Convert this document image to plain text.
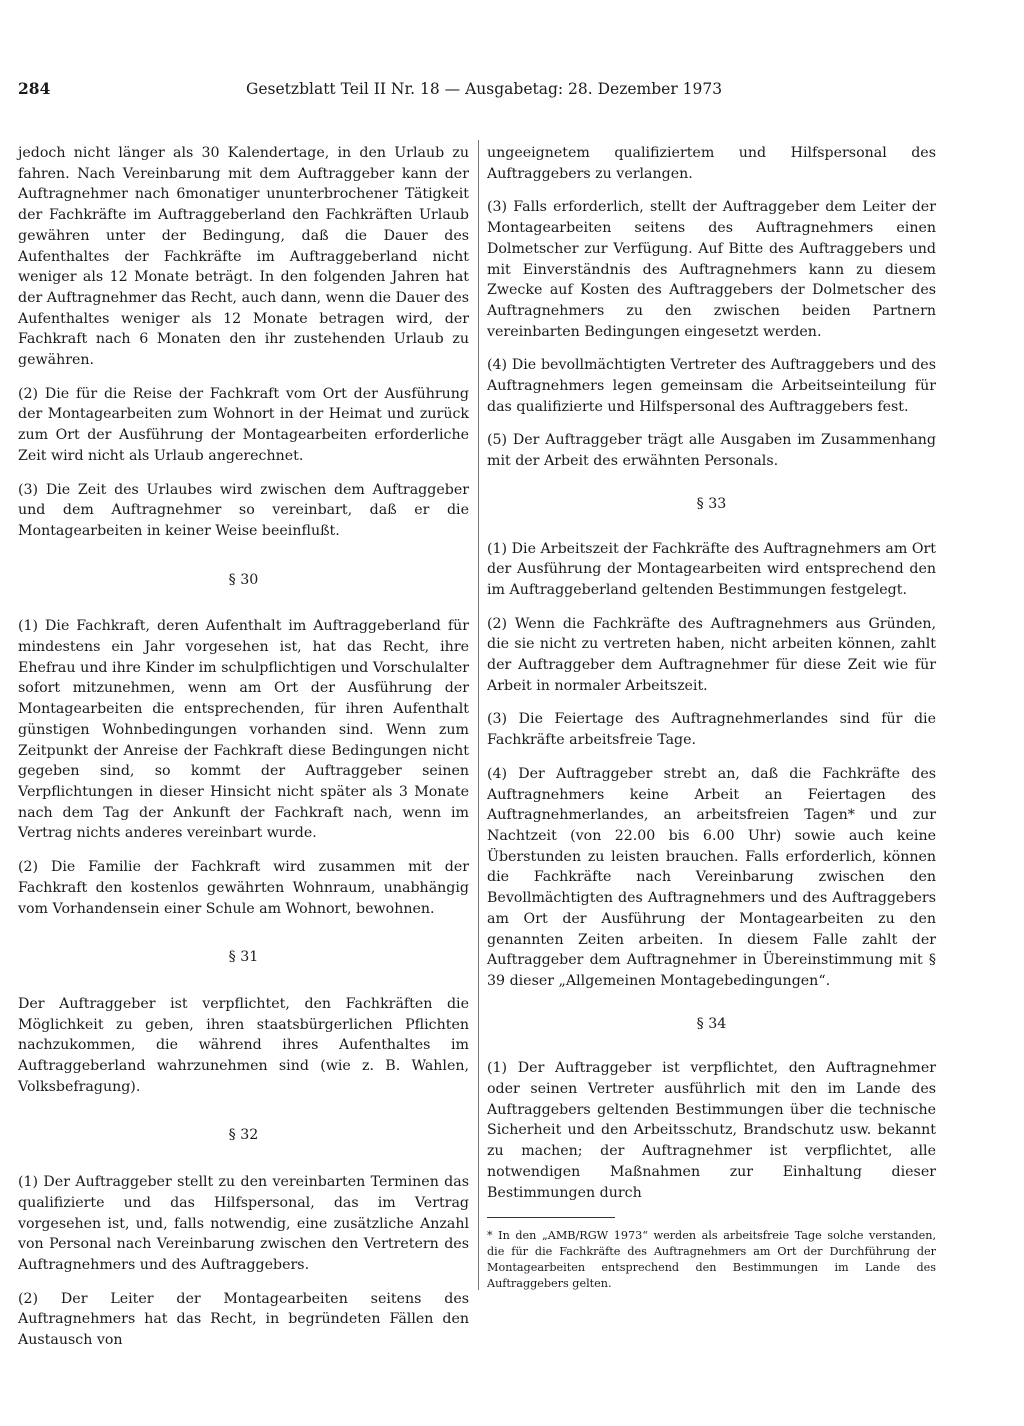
284	Gesetzblatt Teil II Nr. 18 — Ausgabetag: 28. Dezember 1973

jedoch nicht länger als 30 Kalendertage, in den Urlaub zu fahren. Nach Vereinbarung mit dem Auftraggeber kann der Auftragnehmer nach 6monatiger ununterbrochener Tätigkeit der Fachkräfte im Auftraggeberland den Fachkräften Urlaub gewähren unter der Bedingung, daß die Dauer des Aufenthaltes der Fachkräfte im Auftraggeberland nicht weniger als 12 Monate beträgt. In den folgenden Jahren hat der Auftragnehmer das Recht, auch dann, wenn die Dauer des Aufenthaltes weniger als 12 Monate betragen wird, der Fachkraft nach 6 Monaten den ihr zustehenden Urlaub zu gewähren.

(2) Die für die Reise der Fachkraft vom Ort der Ausführung der Montagearbeiten zum Wohnort in der Heimat und zurück zum Ort der Ausführung der Montagearbeiten erforderliche Zeit wird nicht als Urlaub angerechnet.

(3) Die Zeit des Urlaubes wird zwischen dem Auftraggeber und dem Auftragnehmer so vereinbart, daß er die Montagearbeiten in keiner Weise beeinflußt.

§ 30

(1) Die Fachkraft, deren Aufenthalt im Auftraggeberland für mindestens ein Jahr vorgesehen ist, hat das Recht, ihre Ehefrau und ihre Kinder im schulpflichtigen und Vorschulalter sofort mitzunehmen, wenn am Ort der Ausführung der Montagearbeiten die entsprechenden, für ihren Aufenthalt günstigen Wohnbedingungen vorhanden sind. Wenn zum Zeitpunkt der Anreise der Fachkraft diese Bedingungen nicht gegeben sind, so kommt der Auftraggeber seinen Verpflichtungen in dieser Hinsicht nicht später als 3 Monate nach dem Tag der Ankunft der Fachkraft nach, wenn im Vertrag nichts anderes vereinbart wurde.

(2) Die Familie der Fachkraft wird zusammen mit der Fachkraft den kostenlos gewährten Wohnraum, unabhängig vom Vorhandensein einer Schule am Wohnort, bewohnen.

§ 31

Der Auftraggeber ist verpflichtet, den Fachkräften die Möglichkeit zu geben, ihren staatsbürgerlichen Pflichten nachzukommen, die während ihres Aufenthaltes im Auftraggeberland wahrzunehmen sind (wie z. B. Wahlen, Volksbefragung).

§ 32

(1) Der Auftraggeber stellt zu den vereinbarten Terminen das qualifizierte und das Hilfspersonal, das im Vertrag vorgesehen ist, und, falls notwendig, eine zusätzliche Anzahl von Personal nach Vereinbarung zwischen den Vertretern des Auftragnehmers und des Auftraggebers.

(2) Der Leiter der Montagearbeiten seitens des Auftragnehmers hat das Recht, in begründeten Fällen den Austausch von

ungeeignetem qualifiziertem und Hilfspersonal des Auftraggebers zu verlangen.

(3) Falls erforderlich, stellt der Auftraggeber dem Leiter der Montagearbeiten seitens des Auftragnehmers einen Dolmetscher zur Verfügung. Auf Bitte des Auftraggebers und mit Einverständnis des Auftragnehmers kann zu diesem Zwecke auf Kosten des Auftraggebers der Dolmetscher des Auftragnehmers zu den zwischen beiden Partnern vereinbarten Bedingungen eingesetzt werden.

(4) Die bevollmächtigten Vertreter des Auftraggebers und des Auftragnehmers legen gemeinsam die Arbeitseinteilung für das qualifizierte und Hilfspersonal des Auftraggebers fest.

(5) Der Auftraggeber trägt alle Ausgaben im Zusammenhang mit der Arbeit des erwähnten Personals.

§ 33

(1) Die Arbeitszeit der Fachkräfte des Auftragnehmers am Ort der Ausführung der Montagearbeiten wird entsprechend den im Auftraggeberland geltenden Bestimmungen festgelegt.

(2) Wenn die Fachkräfte des Auftragnehmers aus Gründen, die sie nicht zu vertreten haben, nicht arbeiten können, zahlt der Auftraggeber dem Auftragnehmer für diese Zeit wie für Arbeit in normaler Arbeitszeit.

(3) Die Feiertage des Auftragnehmerlandes sind für die Fachkräfte arbeitsfreie Tage.

(4) Der Auftraggeber strebt an, daß die Fachkräfte des Auftragnehmers keine Arbeit an Feiertagen des Auftragnehmerlandes, an arbeitsfreien Tagen* und zur Nachtzeit (von 22.00 bis 6.00 Uhr) sowie auch keine Überstunden zu leisten brauchen. Falls erforderlich, können die Fachkräfte nach Vereinbarung zwischen den Bevollmächtigten des Auftragnehmers und des Auftraggebers am Ort der Ausführung der Montagearbeiten zu den genannten Zeiten arbeiten. In diesem Falle zahlt der Auftraggeber dem Auftragnehmer in Übereinstimmung mit § 39 dieser „Allgemeinen Montagebedingungen“.

§ 34

(1) Der Auftraggeber ist verpflichtet, den Auftragnehmer oder seinen Vertreter ausführlich mit den im Lande des Auftraggebers geltenden Bestimmungen über die technische Sicherheit und den Arbeitsschutz, Brandschutz usw. bekannt zu machen; der Auftragnehmer ist verpflichtet, alle notwendigen Maßnahmen zur Einhaltung dieser Bestimmungen durch

* In den „AMB/RGW 1973“ werden als arbeitsfreie Tage solche verstanden, die für die Fachkräfte des Auftragnehmers am Ort der Durchführung der Montagearbeiten entsprechend den Bestimmungen im Lande des Auftraggebers gelten.
